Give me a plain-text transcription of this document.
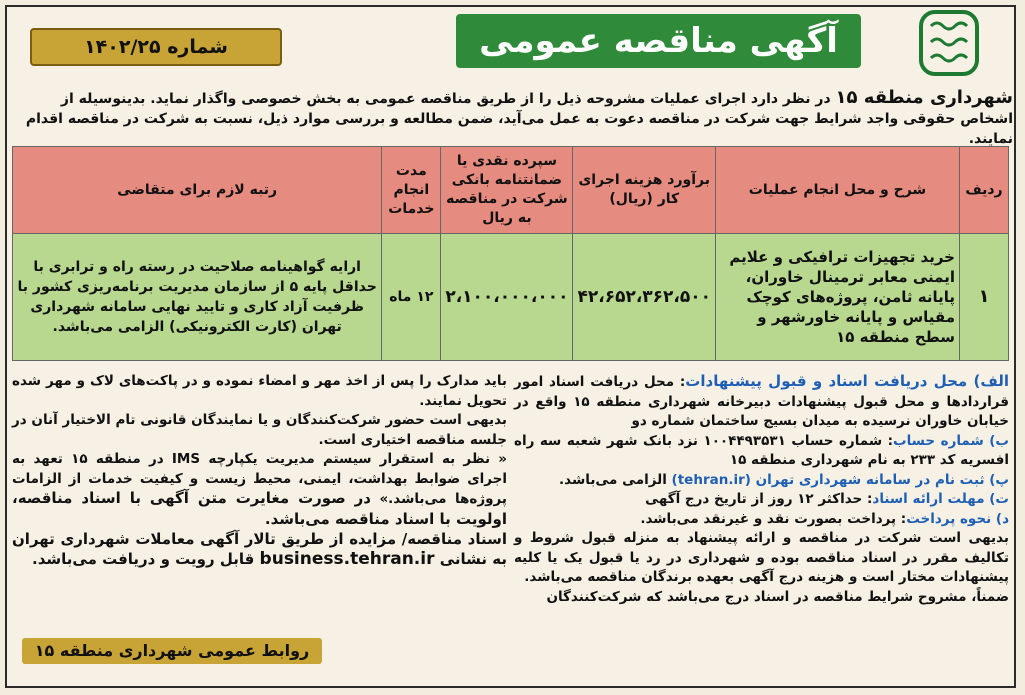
آگهی مناقصه عمومی
شماره ۱۴۰۲/۲۵
شهرداری منطقه ۱۵ در نظر دارد اجرای عملیات مشروحه ذیل را از طریق مناقصه عمومی به بخش خصوصی واگذار نماید. بدینوسیله از اشخاص حقوقی واجد شرایط جهت شرکت در مناقصه دعوت به عمل می‌آید، ضمن مطالعه و بررسی موارد ذیل، نسبت به شرکت در مناقصه اقدام نمایند.
ردیف	شرح و محل انجام عملیات	برآورد هزینه اجرای کار (ریال)	سپرده نقدی یا ضمانتنامه بانکی شرکت در مناقصه به ریال	مدت انجام خدمات	رتبه لازم برای متقاضی
۱	خرید تجهیزات ترافیکی و علایم ایمنی معابر ترمینال خاوران، پایانه ثامن، پروژه‌های کوچک مقیاس و پایانه خاورشهر و سطح منطقه ۱۵	۴۲،۶۵۲،۳۶۲،۵۰۰	۲،۱۰۰،۰۰۰،۰۰۰	۱۲ ماه	ارایه گواهینامه صلاحیت در رسته راه و ترابری با حداقل پایه ۵ از سازمان مدیریت برنامه‌ریزی کشور با ظرفیت آزاد کاری و تایید نهایی سامانه شهرداری تهران (کارت الکترونیکی) الزامی می‌باشد.
الف) محل دریافت اسناد و قبول پیشنهادات: محل دریافت اسناد امور قراردادها و محل قبول پیشنهادات دبیرخانه شهرداری منطقه ۱۵ واقع در خیابان خاوران نرسیده به میدان بسیج ساختمان شماره دو
ب) شماره حساب: شماره حساب ۱۰۰۴۴۹۳۵۳۱ نزد بانک شهر شعبه سه راه افسریه کد ۲۳۳ به نام شهرداری منطقه ۱۵
پ) ثبت نام در سامانه شهرداری تهران (tehran.ir) الزامی می‌باشد.
ت) مهلت ارائه اسناد: حداکثر ۱۲ روز از تاریخ درج آگهی
د) نحوه پرداخت: پرداخت بصورت نقد و غیرنقد می‌باشد.
بدیهی است شرکت در مناقصه و ارائه پیشنهاد به منزله قبول شروط و تکالیف مقرر در اسناد مناقصه بوده و شهرداری در رد یا قبول یک یا کلیه پیشنهادات مختار است و هزینه درج آگهی بعهده برندگان مناقصه می‌باشد.
ضمناً، مشروح شرایط مناقصه در اسناد درج می‌باشد که شرکت‌کنندگان
باید مدارک را پس از اخذ مهر و امضاء نموده و در پاکت‌های لاک و مهر شده تحویل نمایند.
بدیهی است حضور شرکت‌کنندگان و یا نمایندگان قانونی تام الاختیار آنان در جلسه مناقصه اختیاری است.
« نظر به استقرار سیستم مدیریت یکپارچه IMS در منطقه ۱۵ تعهد به اجرای ضوابط بهداشت، ایمنی، محیط زیست و کیفیت خدمات از الزامات پروژه‌ها می‌باشد.» در صورت مغایرت متن آگهی با اسناد مناقصه، اولویت با اسناد مناقصه می‌باشد.
اسناد مناقصه/ مزایده از طریق تالار آگهی معاملات شهرداری تهران به نشانی business.tehran.ir قابل رویت و دریافت می‌باشد.
روابط عمومی شهرداری منطقه ۱۵
